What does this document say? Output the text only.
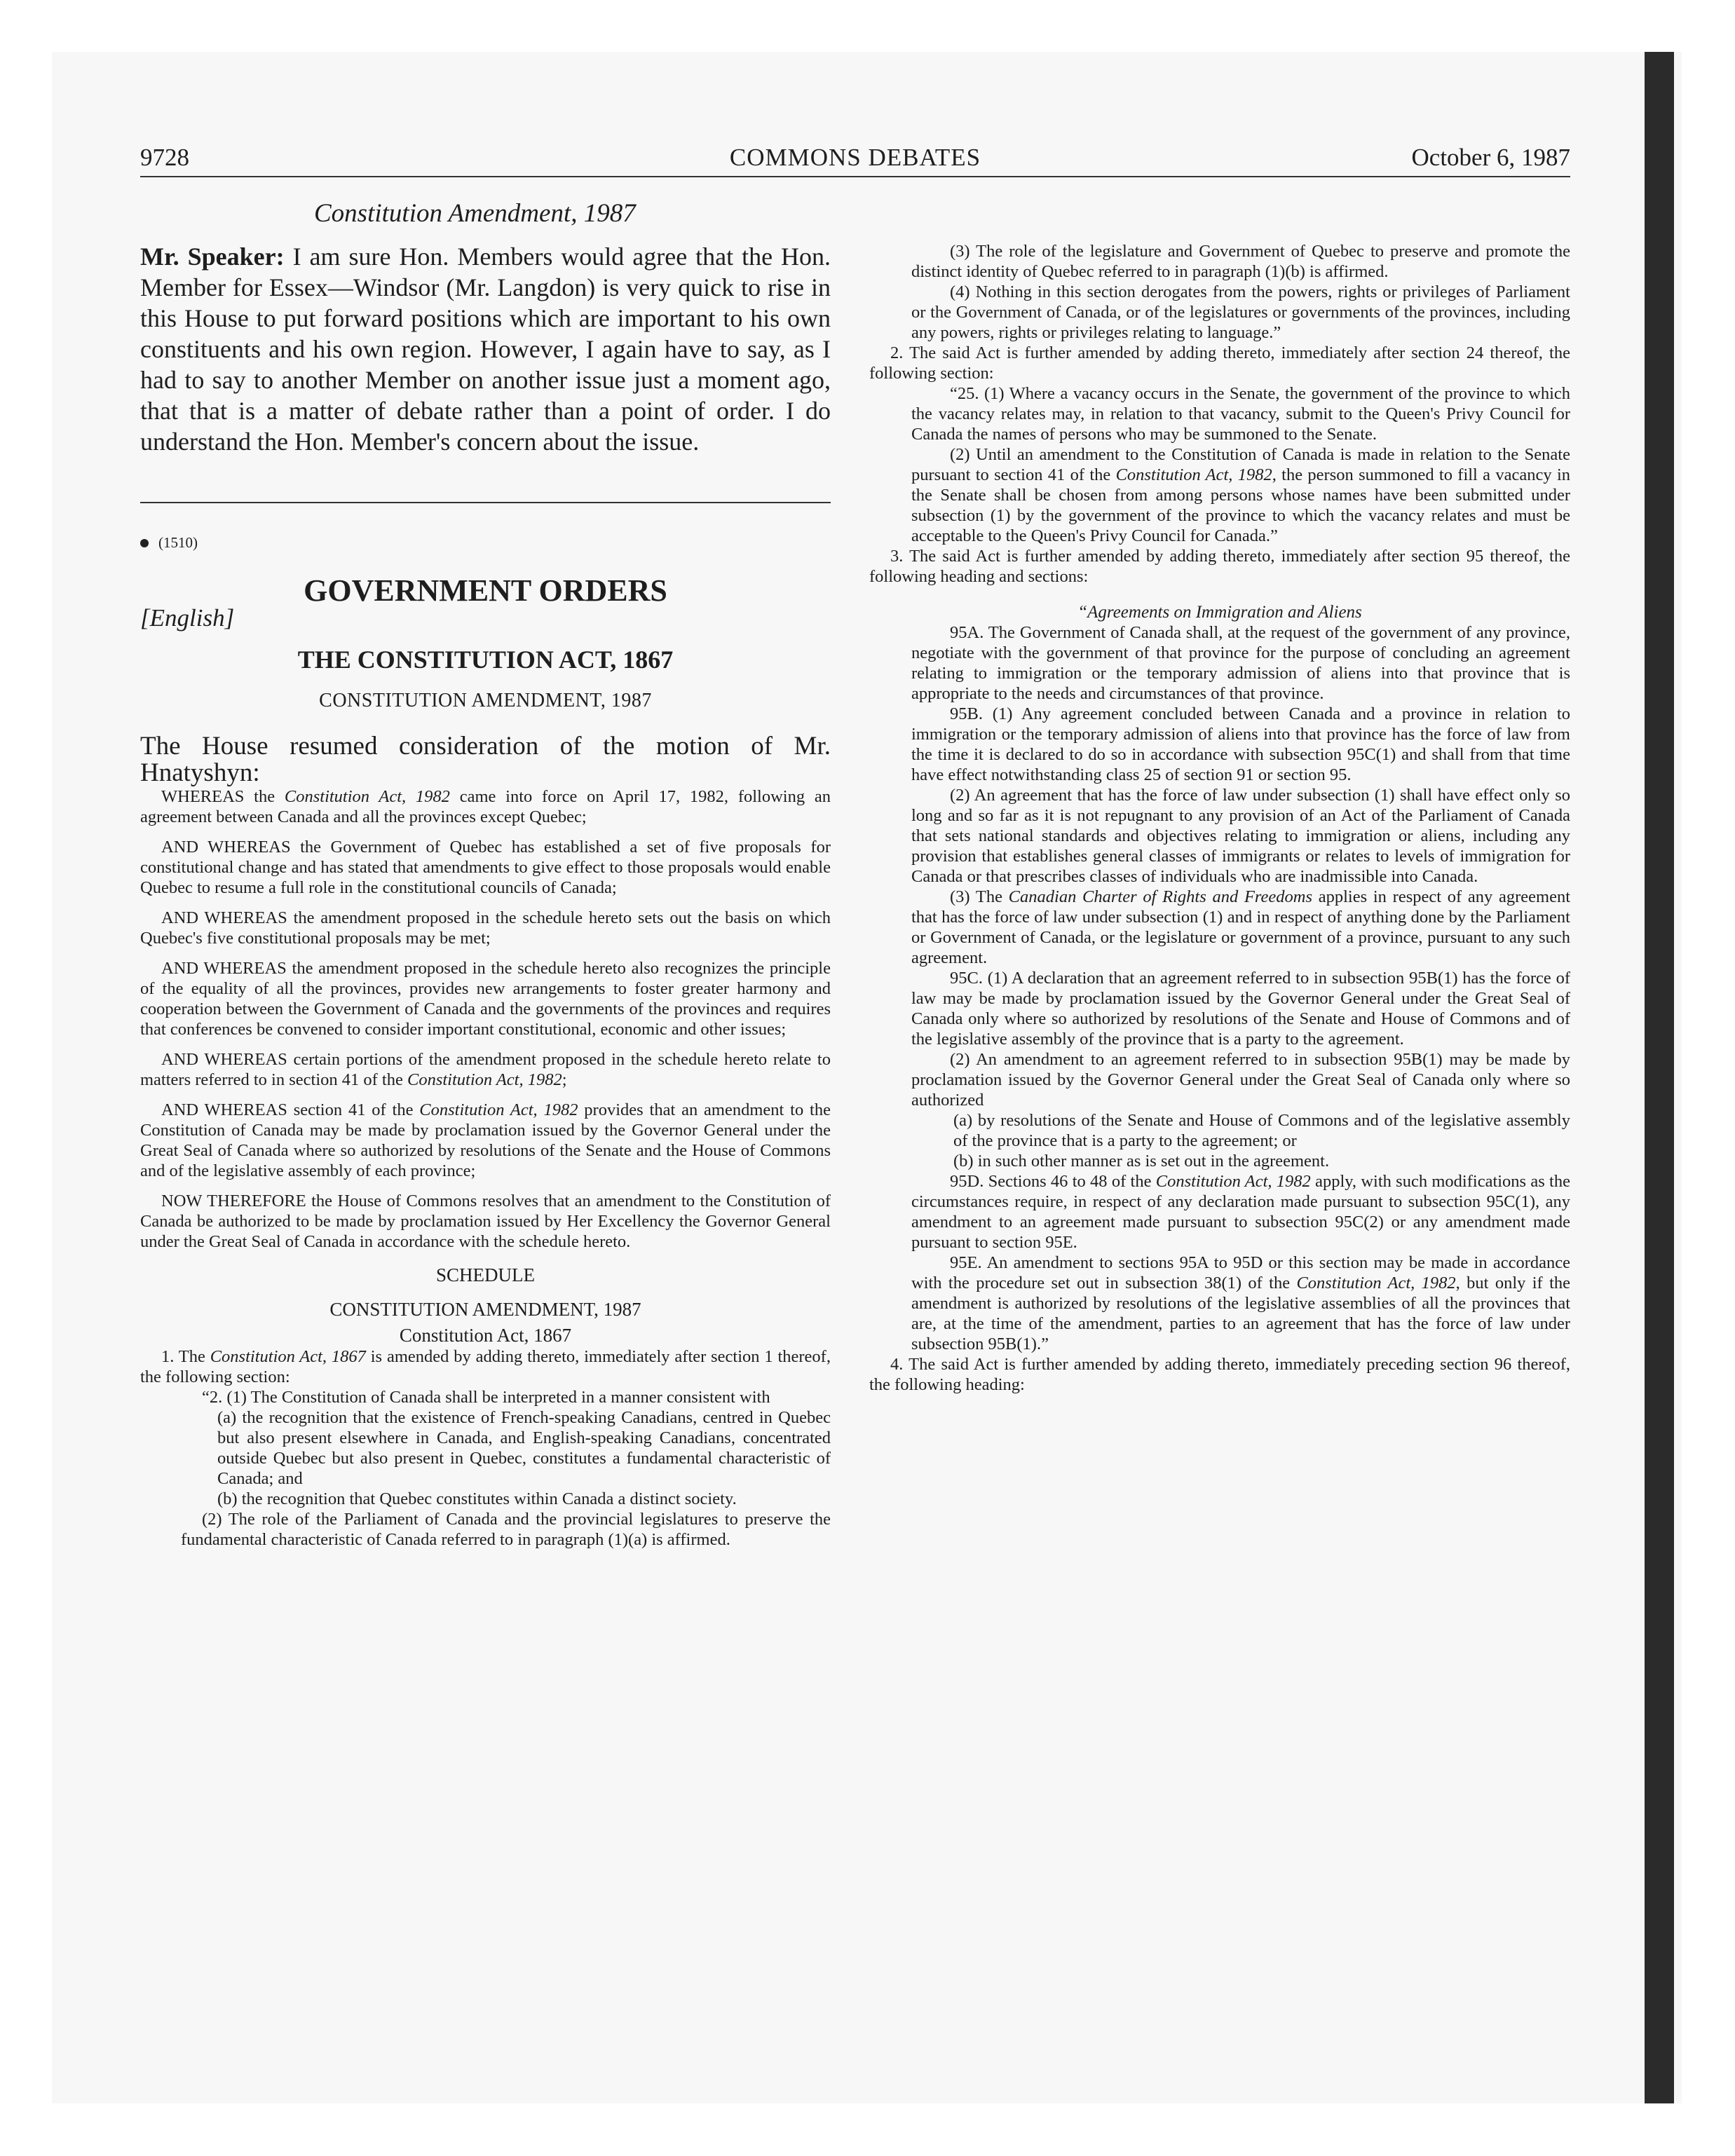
9728	COMMONS DEBATES	October 6, 1987

Constitution Amendment, 1987

Mr. Speaker: I am sure Hon. Members would agree that the Hon. Member for Essex—Windsor (Mr. Langdon) is very quick to rise in this House to put forward positions which are important to his own constituents and his own region. However, I again have to say, as I had to say to another Member on another issue just a moment ago, that that is a matter of debate rather than a point of order. I do understand the Hon. Member's concern about the issue.

(1510)

GOVERNMENT ORDERS

[English]

THE CONSTITUTION ACT, 1867

CONSTITUTION AMENDMENT, 1987

The House resumed consideration of the motion of Mr. Hnatyshyn:

WHEREAS the Constitution Act, 1982 came into force on April 17, 1982, following an agreement between Canada and all the provinces except Quebec;

AND WHEREAS the Government of Quebec has established a set of five proposals for constitutional change and has stated that amendments to give effect to those proposals would enable Quebec to resume a full role in the constitutional councils of Canada;

AND WHEREAS the amendment proposed in the schedule hereto sets out the basis on which Quebec's five constitutional proposals may be met;

AND WHEREAS the amendment proposed in the schedule hereto also recognizes the principle of the equality of all the provinces, provides new arrangements to foster greater harmony and cooperation between the Government of Canada and the governments of the provinces and requires that conferences be convened to consider important constitutional, economic and other issues;

AND WHEREAS certain portions of the amendment proposed in the schedule hereto relate to matters referred to in section 41 of the Constitution Act, 1982;

AND WHEREAS section 41 of the Constitution Act, 1982 provides that an amendment to the Constitution of Canada may be made by proclamation issued by the Governor General under the Great Seal of Canada where so authorized by resolutions of the Senate and the House of Commons and of the legislative assembly of each province;

NOW THEREFORE the House of Commons resolves that an amendment to the Constitution of Canada be authorized to be made by proclamation issued by Her Excellency the Governor General under the Great Seal of Canada in accordance with the schedule hereto.

SCHEDULE

CONSTITUTION AMENDMENT, 1987

Constitution Act, 1867

1. The Constitution Act, 1867 is amended by adding thereto, immediately after section 1 thereof, the following section:

“2. (1) The Constitution of Canada shall be interpreted in a manner consistent with

(a) the recognition that the existence of French-speaking Canadians, centred in Quebec but also present elsewhere in Canada, and English-speaking Canadians, concentrated outside Quebec but also present in Quebec, constitutes a fundamental characteristic of Canada; and

(b) the recognition that Quebec constitutes within Canada a distinct society.

(2) The role of the Parliament of Canada and the provincial legislatures to preserve the fundamental characteristic of Canada referred to in paragraph (1)(a) is affirmed.

(3) The role of the legislature and Government of Quebec to preserve and promote the distinct identity of Quebec referred to in paragraph (1)(b) is affirmed.

(4) Nothing in this section derogates from the powers, rights or privileges of Parliament or the Government of Canada, or of the legislatures or governments of the provinces, including any powers, rights or privileges relating to language.”

2. The said Act is further amended by adding thereto, immediately after section 24 thereof, the following section:

“25. (1) Where a vacancy occurs in the Senate, the government of the province to which the vacancy relates may, in relation to that vacancy, submit to the Queen's Privy Council for Canada the names of persons who may be summoned to the Senate.

(2) Until an amendment to the Constitution of Canada is made in relation to the Senate pursuant to section 41 of the Constitution Act, 1982, the person summoned to fill a vacancy in the Senate shall be chosen from among persons whose names have been submitted under subsection (1) by the government of the province to which the vacancy relates and must be acceptable to the Queen's Privy Council for Canada.”

3. The said Act is further amended by adding thereto, immediately after section 95 thereof, the following heading and sections:

“Agreements on Immigration and Aliens

95A. The Government of Canada shall, at the request of the government of any province, negotiate with the government of that province for the purpose of concluding an agreement relating to immigration or the temporary admission of aliens into that province that is appropriate to the needs and circumstances of that province.

95B. (1) Any agreement concluded between Canada and a province in relation to immigration or the temporary admission of aliens into that province has the force of law from the time it is declared to do so in accordance with subsection 95C(1) and shall from that time have effect notwithstanding class 25 of section 91 or section 95.

(2) An agreement that has the force of law under subsection (1) shall have effect only so long and so far as it is not repugnant to any provision of an Act of the Parliament of Canada that sets national standards and objectives relating to immigration or aliens, including any provision that establishes general classes of immigrants or relates to levels of immigration for Canada or that prescribes classes of individuals who are inadmissible into Canada.

(3) The Canadian Charter of Rights and Freedoms applies in respect of any agreement that has the force of law under subsection (1) and in respect of anything done by the Parliament or Government of Canada, or the legislature or government of a province, pursuant to any such agreement.

95C. (1) A declaration that an agreement referred to in subsection 95B(1) has the force of law may be made by proclamation issued by the Governor General under the Great Seal of Canada only where so authorized by resolutions of the Senate and House of Commons and of the legislative assembly of the province that is a party to the agreement.

(2) An amendment to an agreement referred to in subsection 95B(1) may be made by proclamation issued by the Governor General under the Great Seal of Canada only where so authorized

(a) by resolutions of the Senate and House of Commons and of the legislative assembly of the province that is a party to the agreement; or

(b) in such other manner as is set out in the agreement.

95D. Sections 46 to 48 of the Constitution Act, 1982 apply, with such modifications as the circumstances require, in respect of any declaration made pursuant to subsection 95C(1), any amendment to an agreement made pursuant to subsection 95C(2) or any amendment made pursuant to section 95E.

95E. An amendment to sections 95A to 95D or this section may be made in accordance with the procedure set out in subsection 38(1) of the Constitution Act, 1982, but only if the amendment is authorized by resolutions of the legislative assemblies of all the provinces that are, at the time of the amendment, parties to an agreement that has the force of law under subsection 95B(1).”

4. The said Act is further amended by adding thereto, immediately preceding section 96 thereof, the following heading:
